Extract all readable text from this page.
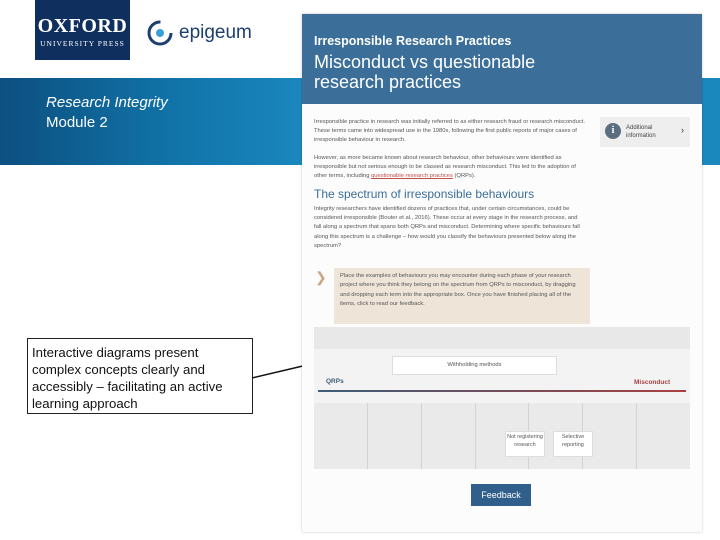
OXFORD
UNIVERSITY PRESS
epigeum
Research Integrity
Module 2
Interactive diagrams present complex concepts clearly and accessibly – facilitating an active learning approach
Irresponsible Research Practices
Misconduct vs questionable research practices
Irresponsible practice in research was initially referred to as either research fraud or research misconduct. These terms came into widespread use in the 1980s, following the first public reports of major cases of irresponsible behaviour in research.
However, as more became known about research behaviour, other behaviours were identified as irresponsible but not serious enough to be classed as research misconduct. This led to the adoption of other terms, including questionable research practices (QRPs).
i	Additional
information
›
The spectrum of irresponsible behaviours
Integrity researchers have identified dozens of practices that, under certain circumstances, could be considered irresponsible (Bouter et al., 2016). These occur at every stage in the research process, and fall along a spectrum that spans both QRPs and misconduct. Determining where specific behaviours fall along this spectrum is a challenge – how would you classify the behaviours presented below along the spectrum?
❯ Place the examples of behaviours you may encounter during each phase of your research project where you think they belong on the spectrum from QRPs to misconduct, by dragging and dropping each term into the appropriate box. Once you have finished placing all of the items, click to read our feedback.
Withholding methods
QRPs	Misconduct
Not registering research
Selective reporting
Feedback
